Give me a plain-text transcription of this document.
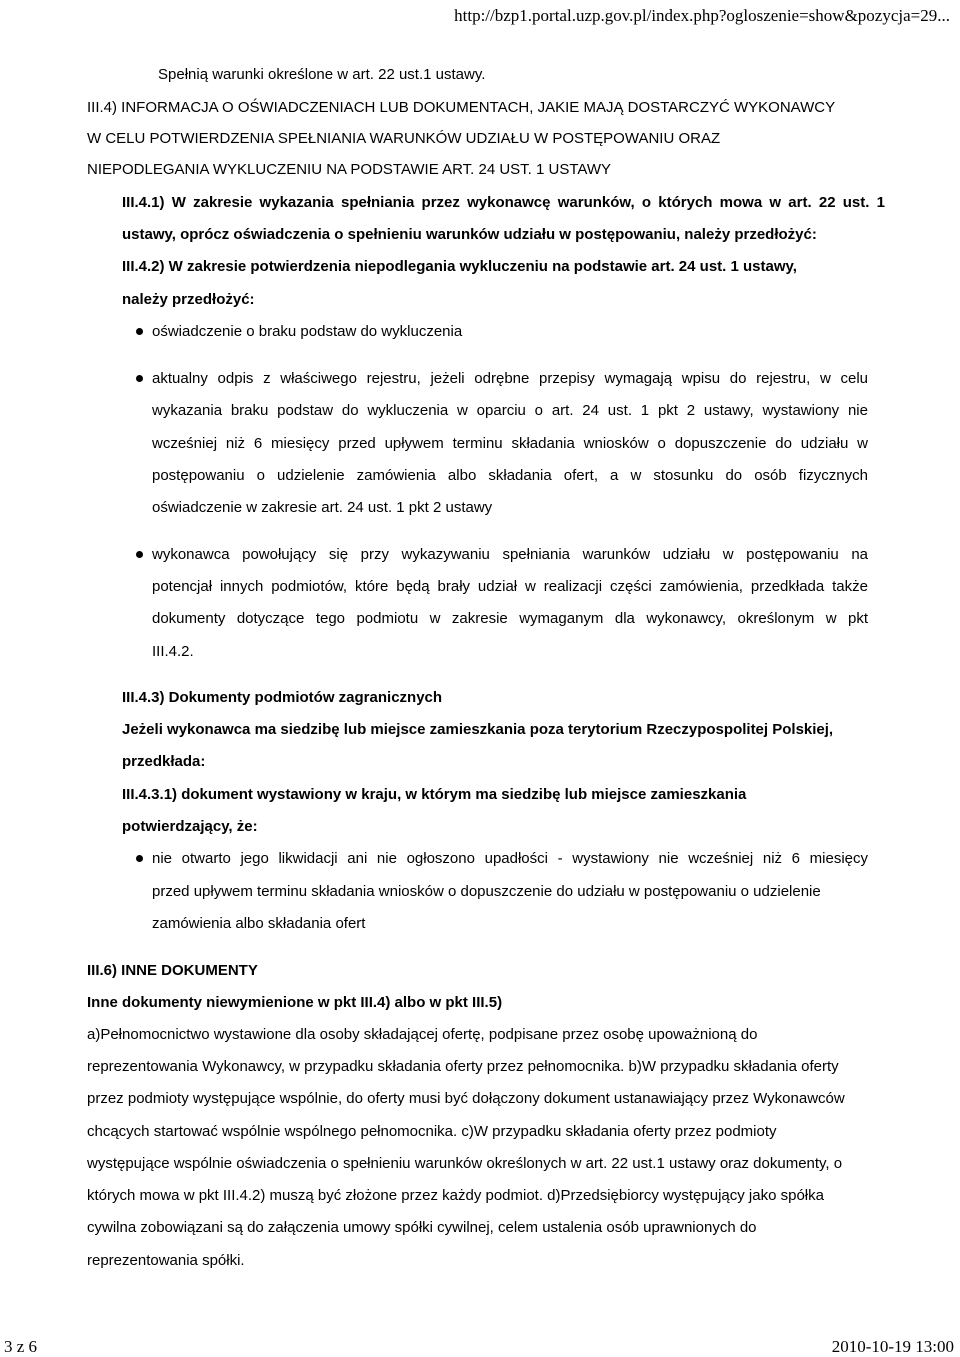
http://bzp1.portal.uzp.gov.pl/index.php?ogloszenie=show&pozycja=29...
Spełnią warunki określone w art. 22 ust.1 ustawy.
III.4) INFORMACJA O OŚWIADCZENIACH LUB DOKUMENTACH, JAKIE MAJĄ DOSTARCZYĆ WYKONAWCY
W CELU POTWIERDZENIA SPEŁNIANIA WARUNKÓW UDZIAŁU W POSTĘPOWANIU ORAZ
NIEPODLEGANIA WYKLUCZENIU NA PODSTAWIE ART. 24 UST. 1 USTAWY
III.4.1) W zakresie wykazania spełniania przez wykonawcę warunków, o których mowa w art. 22 ust. 1
ustawy, oprócz oświadczenia o spełnieniu warunków udziału w postępowaniu, należy przedłożyć:
III.4.2) W zakresie potwierdzenia niepodlegania wykluczeniu na podstawie art. 24 ust. 1 ustawy,
należy przedłożyć:
oświadczenie o braku podstaw do wykluczenia
aktualny odpis z właściwego rejestru, jeżeli odrębne przepisy wymagają wpisu do rejestru, w celu
wykazania braku podstaw do wykluczenia w oparciu o art. 24 ust. 1 pkt 2 ustawy, wystawiony nie
wcześniej niż 6 miesięcy przed upływem terminu składania wniosków o dopuszczenie do udziału w
postępowaniu o udzielenie zamówienia albo składania ofert, a w stosunku do osób fizycznych
oświadczenie w zakresie art. 24 ust. 1 pkt 2 ustawy
wykonawca powołujący się przy wykazywaniu spełniania warunków udziału w postępowaniu na
potencjał innych podmiotów, które będą brały udział w realizacji części zamówienia, przedkłada także
dokumenty dotyczące tego podmiotu w zakresie wymaganym dla wykonawcy, określonym w pkt
III.4.2.
III.4.3) Dokumenty podmiotów zagranicznych
Jeżeli wykonawca ma siedzibę lub miejsce zamieszkania poza terytorium Rzeczypospolitej Polskiej,
przedkłada:
III.4.3.1) dokument wystawiony w kraju, w którym ma siedzibę lub miejsce zamieszkania
potwierdzający, że:
nie otwarto jego likwidacji ani nie ogłoszono upadłości - wystawiony nie wcześniej niż 6 miesięcy
przed upływem terminu składania wniosków o dopuszczenie do udziału w postępowaniu o udzielenie
zamówienia albo składania ofert
III.6) INNE DOKUMENTY
Inne dokumenty niewymienione w pkt III.4) albo w pkt III.5)
a)Pełnomocnictwo wystawione dla osoby składającej ofertę, podpisane przez osobę upoważnioną do
reprezentowania Wykonawcy, w przypadku składania oferty przez pełnomocnika. b)W przypadku składania oferty
przez podmioty występujące wspólnie, do oferty musi być dołączony dokument ustanawiający przez Wykonawców
chcących startować wspólnie wspólnego pełnomocnika. c)W przypadku składania oferty przez podmioty
występujące wspólnie oświadczenia o spełnieniu warunków określonych w art. 22 ust.1 ustawy oraz dokumenty, o
których mowa w pkt III.4.2) muszą być złożone przez każdy podmiot. d)Przedsiębiorcy występujący jako spółka
cywilna zobowiązani są do załączenia umowy spółki cywilnej, celem ustalenia osób uprawnionych do
reprezentowania spółki.
3 z 6	2010-10-19 13:00
